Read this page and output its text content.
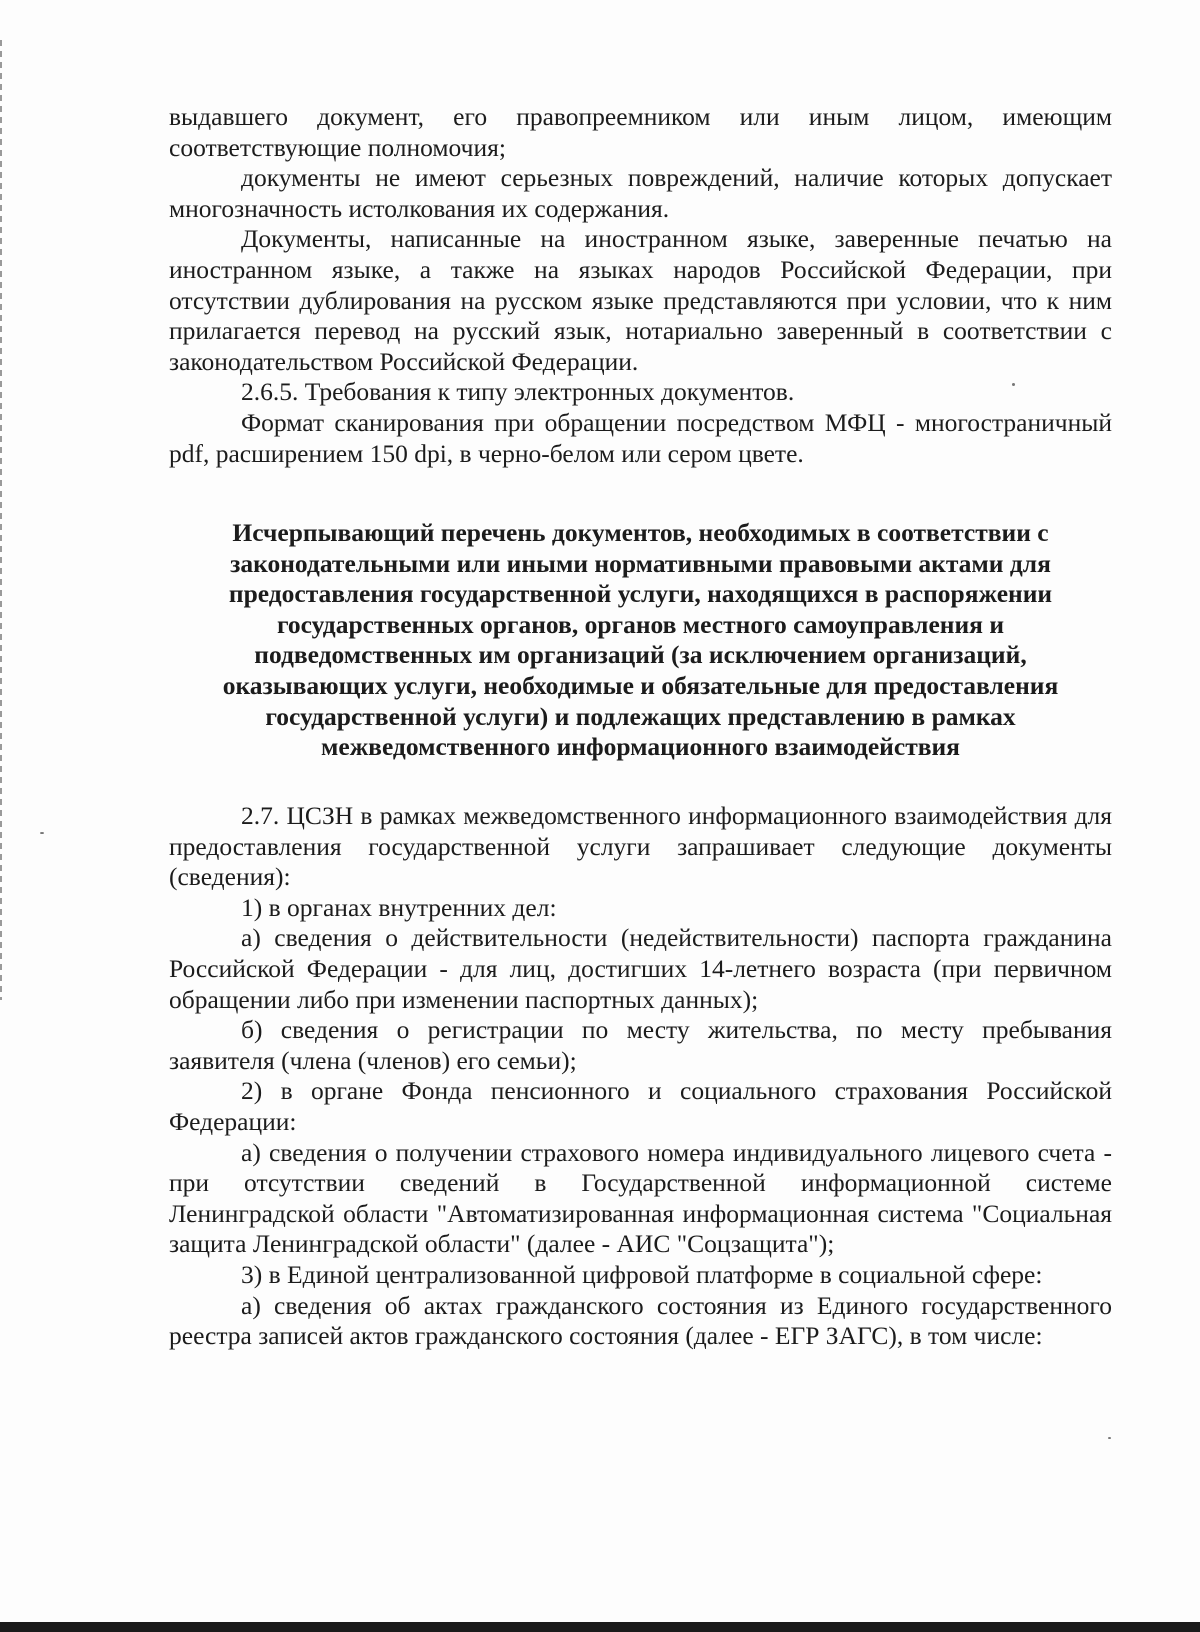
выдавшего документ, его правопреемником или иным лицом, имеющим соответствующие полномочия;

документы не имеют серьезных повреждений, наличие которых допускает многозначность истолкования их содержания.

Документы, написанные на иностранном языке, заверенные печатью на иностранном языке, а также на языках народов Российской Федерации, при отсутствии дублирования на русском языке представляются при условии, что к ним прилагается перевод на русский язык, нотариально заверенный в соответствии с законодательством Российской Федерации.

2.6.5. Требования к типу электронных документов.

Формат сканирования при обращении посредством МФЦ - многостраничный pdf, расширением 150 dpi, в черно-белом или сером цвете.

Исчерпывающий перечень документов, необходимых в соответствии с законодательными или иными нормативными правовыми актами для предоставления государственной услуги, находящихся в распоряжении государственных органов, органов местного самоуправления и подведомственных им организаций (за исключением организаций, оказывающих услуги, необходимые и обязательные для предоставления государственной услуги) и подлежащих представлению в рамках межведомственного информационного взаимодействия

2.7. ЦСЗН в рамках межведомственного информационного взаимодействия для предоставления государственной услуги запрашивает следующие документы (сведения):

1) в органах внутренних дел:

а) сведения о действительности (недействительности) паспорта гражданина Российской Федерации - для лиц, достигших 14-летнего возраста (при первичном обращении либо при изменении паспортных данных);

б) сведения о регистрации по месту жительства, по месту пребывания заявителя (члена (членов) его семьи);

2) в органе Фонда пенсионного и социального страхования Российской Федерации:

а) сведения о получении страхового номера индивидуального лицевого счета - при отсутствии сведений в Государственной информационной системе Ленинградской области "Автоматизированная информационная система "Социальная защита Ленинградской области" (далее - АИС "Соцзащита");

3) в Единой централизованной цифровой платформе в социальной сфере:

а) сведения об актах гражданского состояния из Единого государственного реестра записей актов гражданского состояния (далее - ЕГР ЗАГС), в том числе:
